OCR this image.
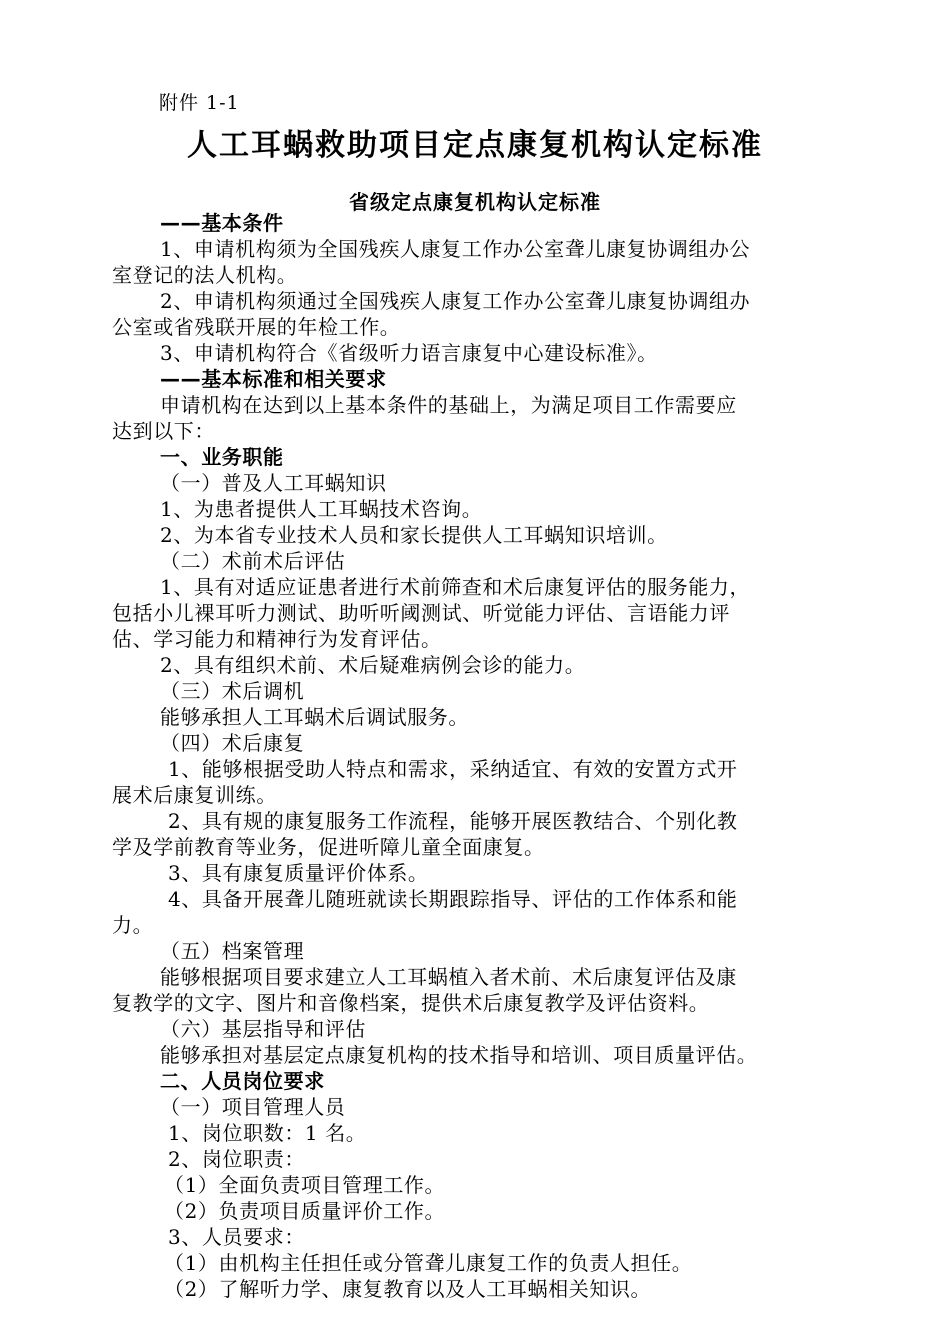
附件 1-1
人工耳蜗救助项目定点康复机构认定标准
省级定点康复机构认定标准
——基本条件
1、申请机构须为全国残疾人康复工作办公室聋儿康复协调组办公
室登记的法人机构。
2、申请机构须通过全国残疾人康复工作办公室聋儿康复协调组办
公室或省残联开展的年检工作。
3、申请机构符合《省级听力语言康复中心建设标准》。
——基本标准和相关要求
申请机构在达到以上基本条件的基础上，为满足项目工作需要应
达到以下：
一、业务职能
（一）普及人工耳蜗知识
1、为患者提供人工耳蜗技术咨询。
2、为本省专业技术人员和家长提供人工耳蜗知识培训。
（二）术前术后评估
1、具有对适应证患者进行术前筛查和术后康复评估的服务能力，
包括小儿裸耳听力测试、助听听阈测试、听觉能力评估、言语能力评
估、学习能力和精神行为发育评估。
2、具有组织术前、术后疑难病例会诊的能力。
（三）术后调机
能够承担人工耳蜗术后调试服务。
（四）术后康复
1、能够根据受助人特点和需求，采纳适宜、有效的安置方式开
展术后康复训练。
2、具有规的康复服务工作流程，能够开展医教结合、个别化教
学及学前教育等业务，促进听障儿童全面康复。
3、具有康复质量评价体系。
4、具备开展聋儿随班就读长期跟踪指导、评估的工作体系和能
力。
（五）档案管理
能够根据项目要求建立人工耳蜗植入者术前、术后康复评估及康
复教学的文字、图片和音像档案，提供术后康复教学及评估资料。
（六）基层指导和评估
能够承担对基层定点康复机构的技术指导和培训、项目质量评估。
二、人员岗位要求
（一）项目管理人员
1、岗位职数：1 名。
2、岗位职责：
（1）全面负责项目管理工作。
（2）负责项目质量评价工作。
3、人员要求：
（1）由机构主任担任或分管聋儿康复工作的负责人担任。
（2）了解听力学、康复教育以及人工耳蜗相关知识。
